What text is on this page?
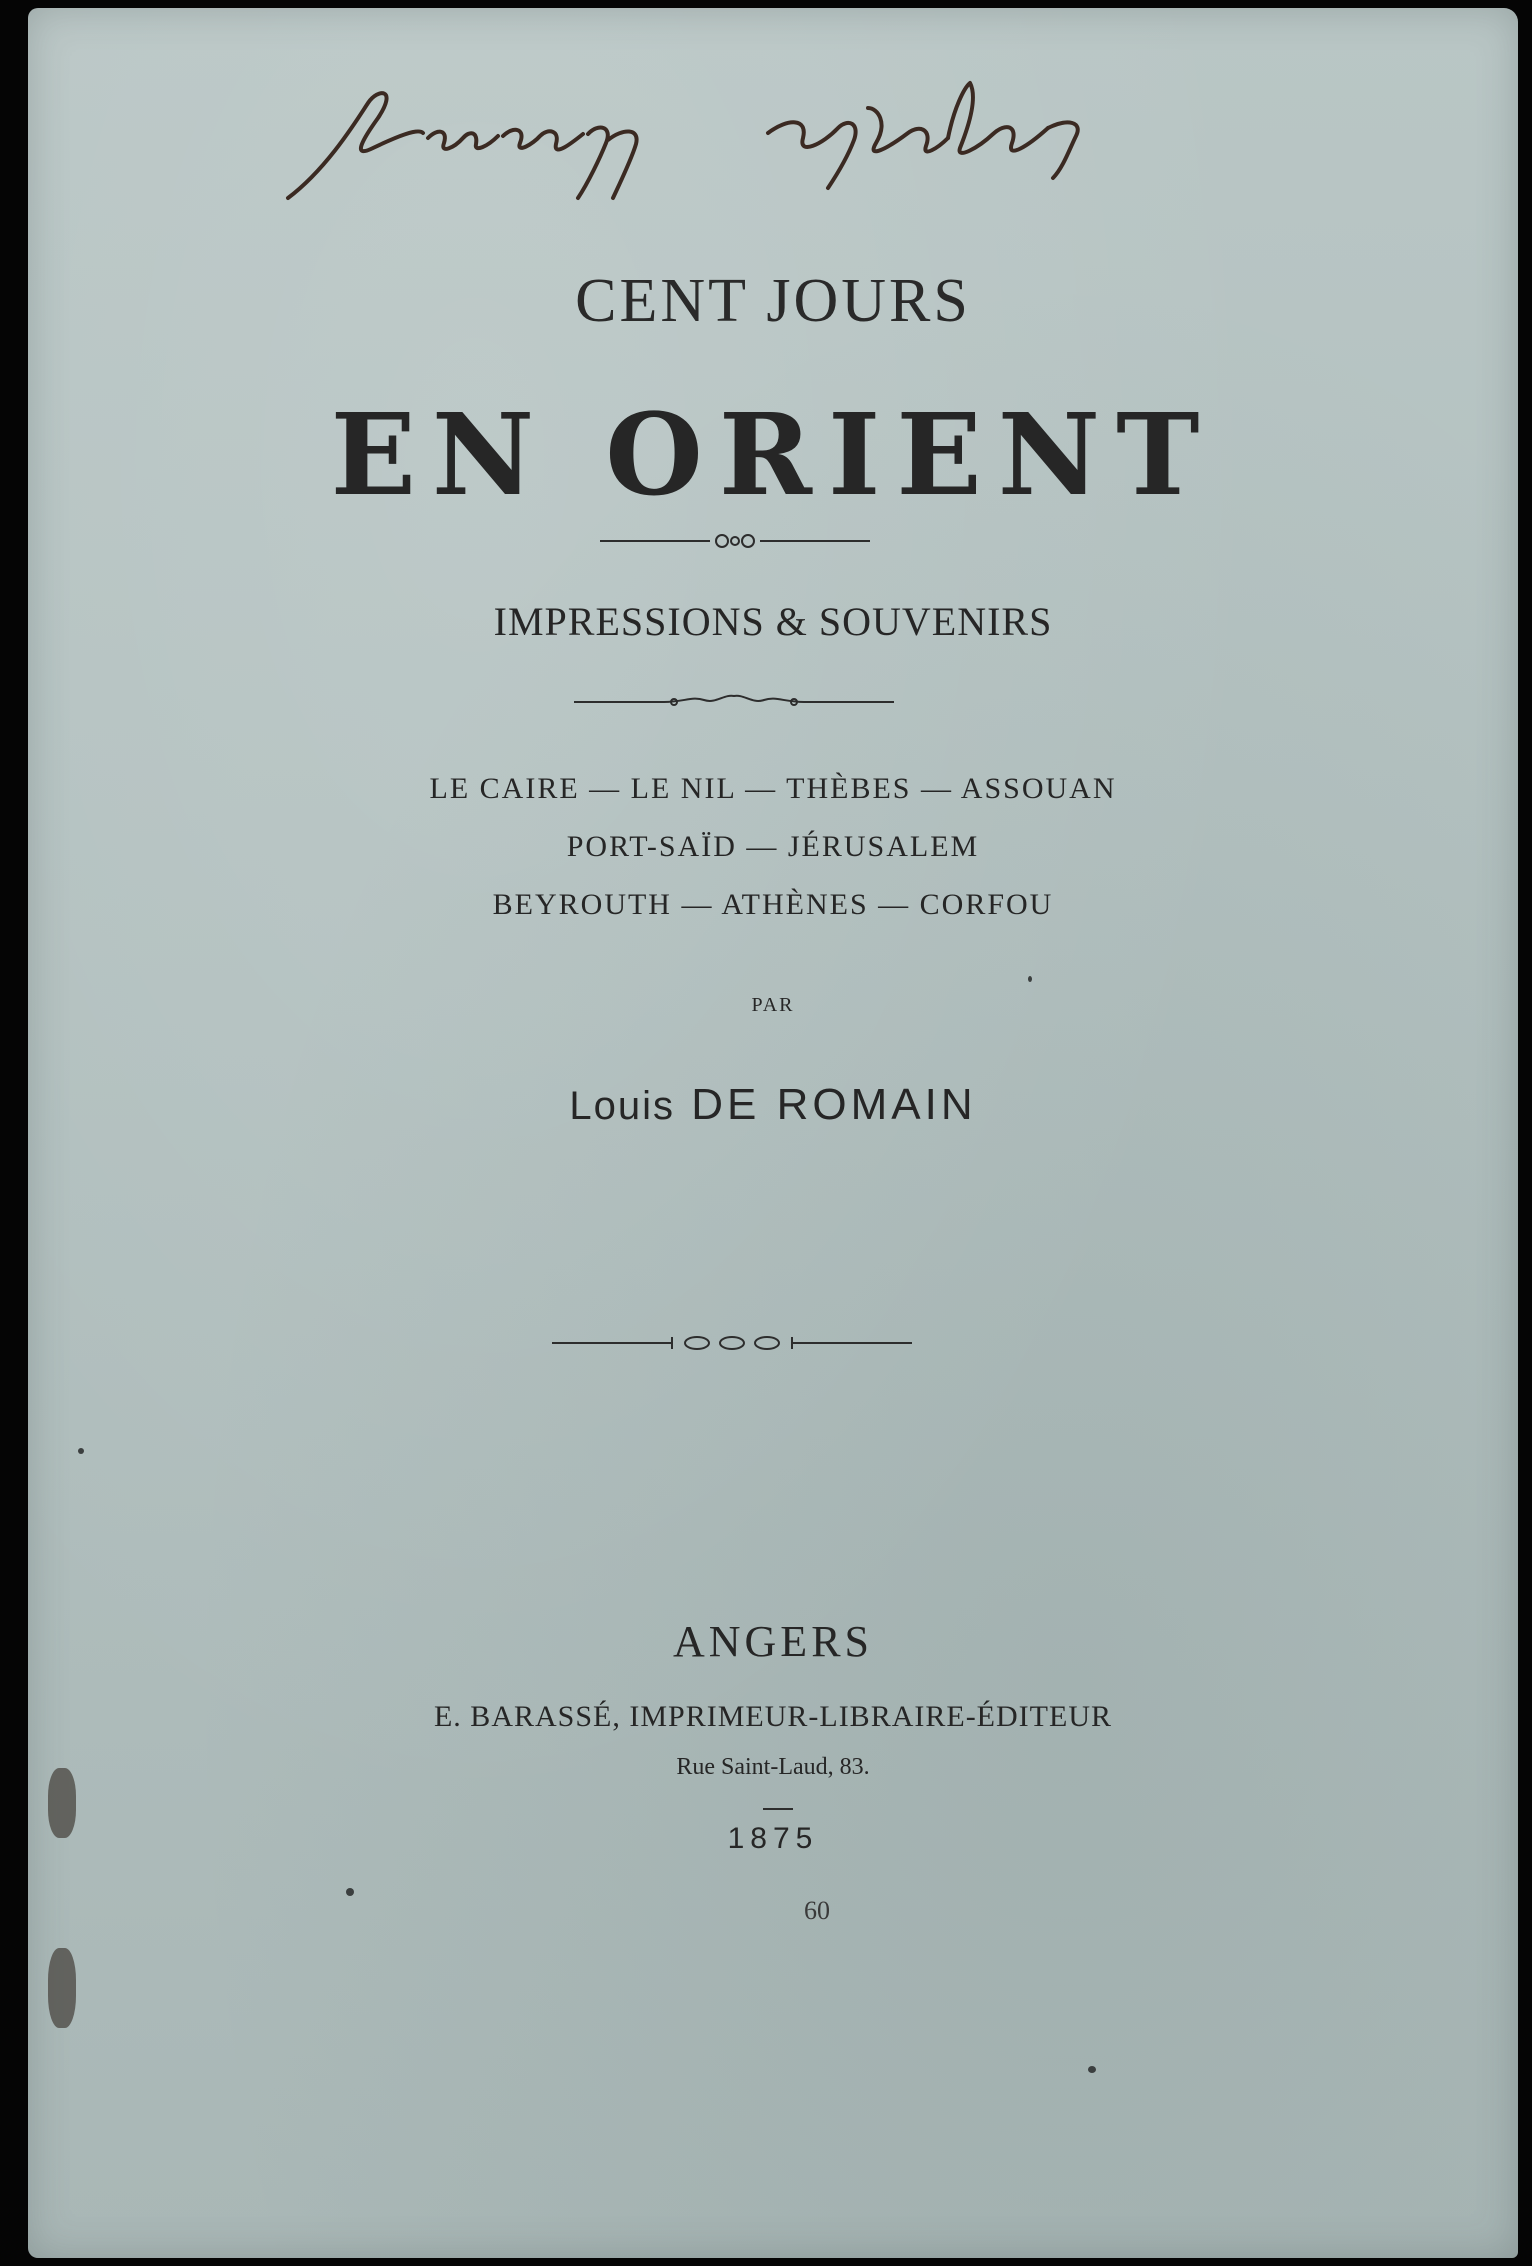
CENT JOURS
EN ORIENT
IMPRESSIONS & SOUVENIRS
LE CAIRE — LE NIL — THÈBES — ASSOUAN
PORT-SAÏD — JÉRUSALEM
BEYROUTH — ATHÈNES — CORFOU
PAR
Louis DE ROMAIN
ANGERS
E. BARASSÉ, IMPRIMEUR-LIBRAIRE-ÉDITEUR
Rue Saint-Laud, 83.
1875
60
